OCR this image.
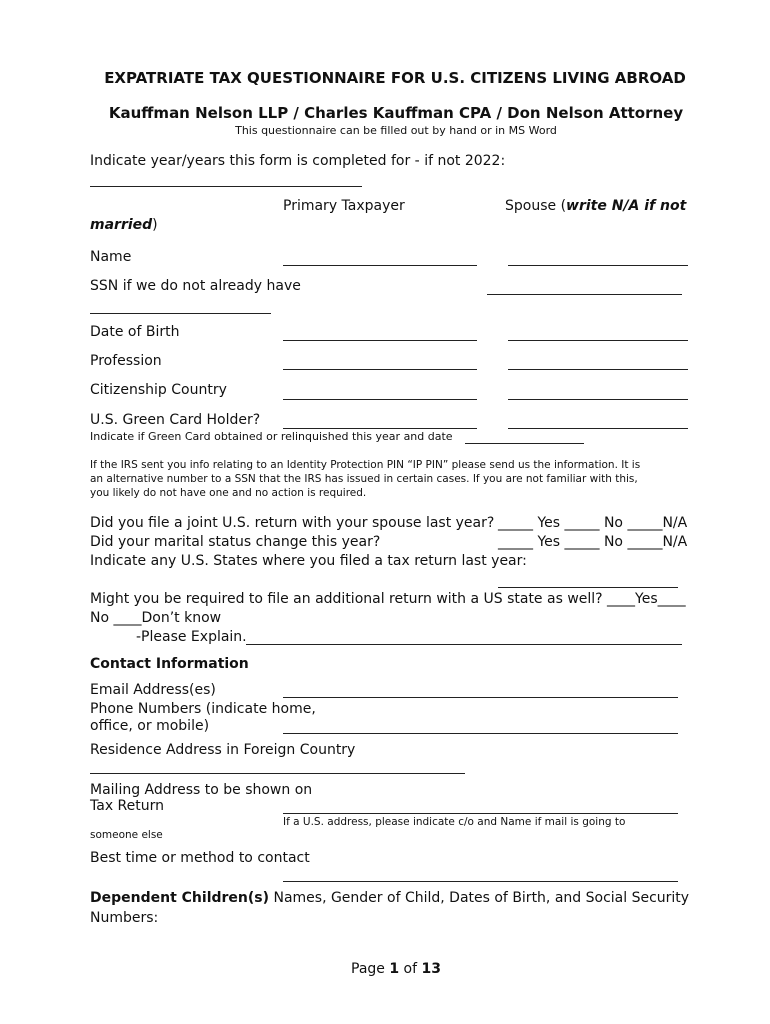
EXPATRIATE TAX QUESTIONNAIRE FOR U.S. CITIZENS LIVING ABROAD
Kauffman Nelson LLP / Charles Kauffman CPA / Don Nelson Attorney
This questionnaire can be filled out by hand or in MS Word
Indicate year/years this form is completed for - if not 2022:
Primary Taxpayer	Spouse (write N/A if not
married)
Name
SSN if we do not already have
Date of Birth
Profession
Citizenship Country
U.S. Green Card Holder?
Indicate if Green Card obtained or relinquished this year and date
If the IRS sent you info relating to an Identity Protection PIN “IP PIN” please send us the information. It is
an alternative number to a SSN that the IRS has issued in certain cases. If you are not familiar with this,
you likely do not have one and no action is required.
Did you file a joint U.S. return with your spouse last year? _____ Yes _____ No _____N/A
Did your marital status change this year?	_____ Yes _____ No _____N/A
Indicate any U.S. States where you filed a tax return last year:
Might you be required to file an additional return with a US state as well? ____Yes____
No ____Don’t know
-Please Explain.
Contact Information
Email Address(es)
Phone Numbers (indicate home,
office, or mobile)
Residence Address in Foreign Country
Mailing Address to be shown on
Tax Return
If a U.S. address, please indicate c/o and Name if mail is going to
someone else
Best time or method to contact
Dependent Children(s) Names, Gender of Child, Dates of Birth, and Social Security
Numbers:
Page 1 of 13
